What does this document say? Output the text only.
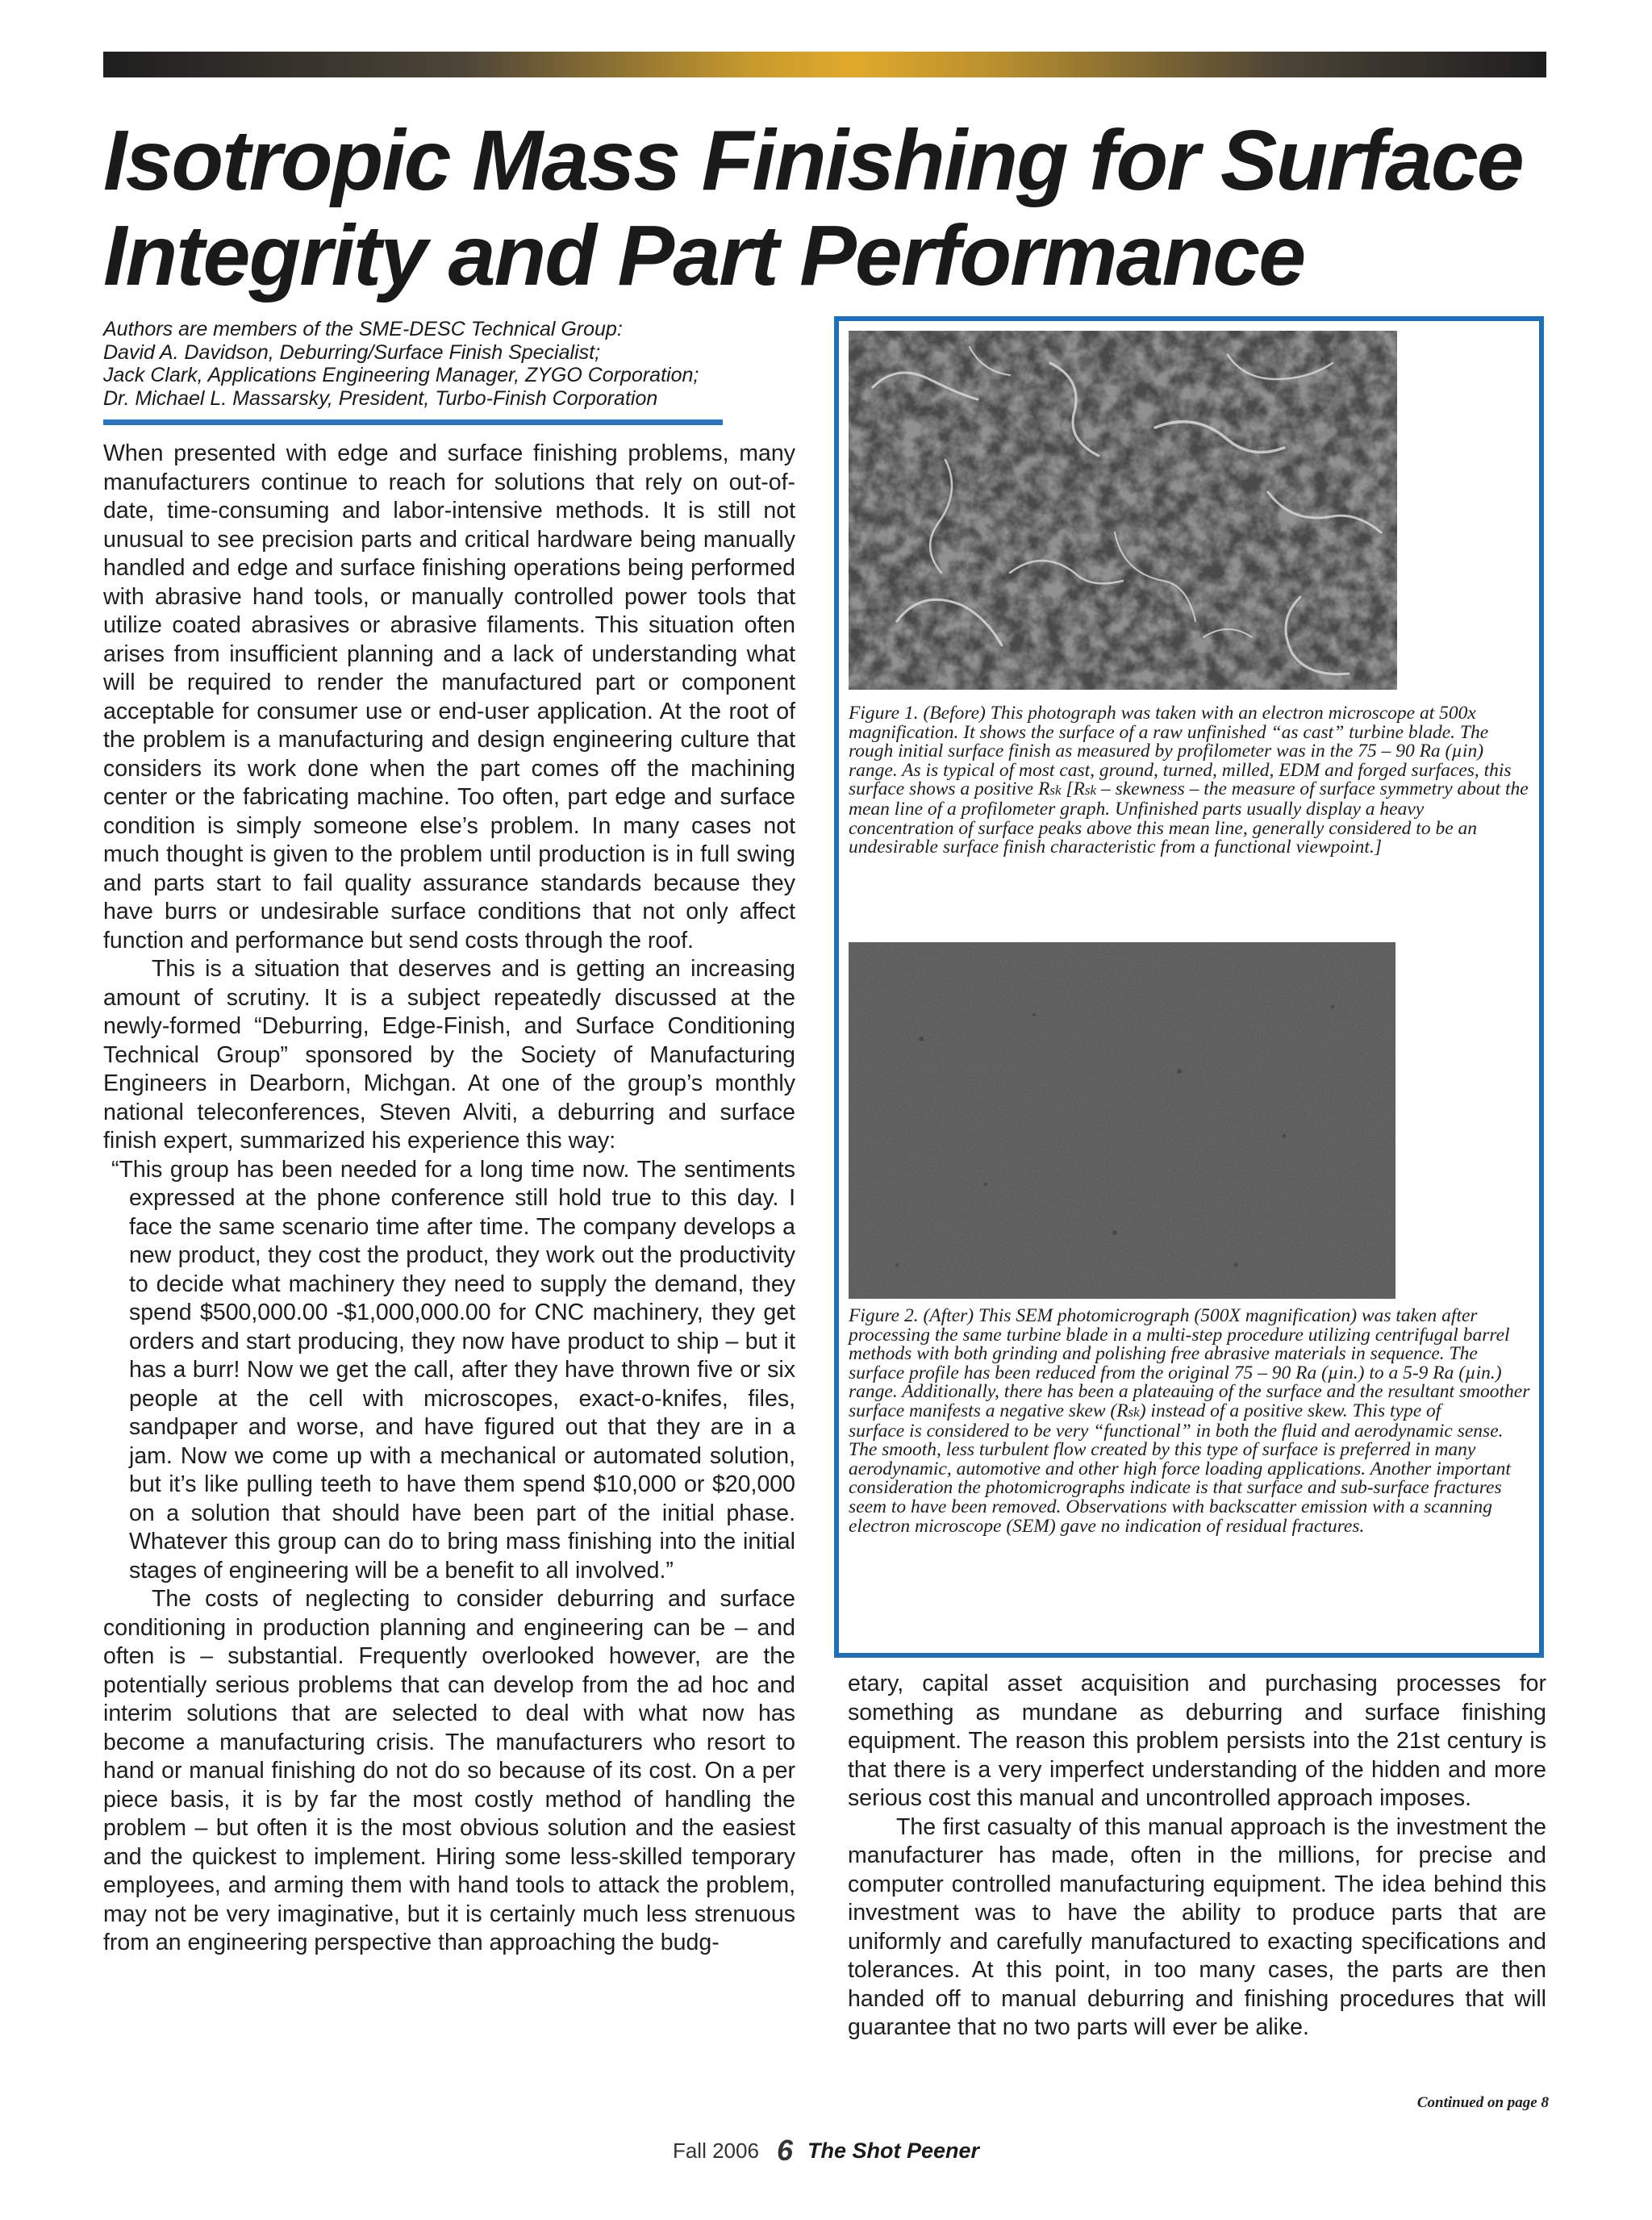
Isotropic Mass Finishing for Surface
Integrity and Part Performance
Authors are members of the SME-DESC Technical Group:
David A. Davidson, Deburring/Surface Finish Specialist;
Jack Clark, Applications Engineering Manager, ZYGO Corporation;
Dr. Michael L. Massarsky, President, Turbo-Finish Corporation

When presented with edge and surface finishing problems, many manufacturers continue to reach for solutions that rely on out-of-date, time-consuming and labor-intensive methods. It is still not unusual to see precision parts and critical hardware being manually handled and edge and surface finishing operations being performed with abrasive hand tools, or manually controlled power tools that utilize coated abrasives or abrasive filaments. This situation often arises from insufficient planning and a lack of understanding what will be required to render the manufactured part or component acceptable for consumer use or end-user application. At the root of the problem is a manufacturing and design engineering culture that considers its work done when the part comes off the machining center or the fabricating machine. Too often, part edge and surface condition is simply someone else’s problem. In many cases not much thought is given to the problem until production is in full swing and parts start to fail quality assurance standards because they have burrs or undesirable surface conditions that not only affect function and performance but send costs through the roof.

This is a situation that deserves and is getting an increasing amount of scrutiny. It is a subject repeatedly discussed at the newly-formed “Deburring, Edge-Finish, and Surface Conditioning Technical Group” sponsored by the Society of Manufacturing Engineers in Dearborn, Michgan. At one of the group’s monthly national teleconferences, Steven Alviti, a deburring and surface finish expert, summarized his experience this way:

“This group has been needed for a long time now. The sentiments expressed at the phone conference still hold true to this day. I face the same scenario time after time. The company develops a new product, they cost the product, they work out the productivity to decide what machinery they need to supply the demand, they spend $500,000.00 -$1,000,000.00 for CNC machinery, they get orders and start producing, they now have product to ship – but it has a burr! Now we get the call, after they have thrown five or six people at the cell with microscopes, exact-o-knifes, files, sandpaper and worse, and have figured out that they are in a jam. Now we come up with a mechanical or automated solution, but it’s like pulling teeth to have them spend $10,000 or $20,000 on a solution that should have been part of the initial phase. Whatever this group can do to bring mass finishing into the initial stages of engineering will be a benefit to all involved.”

The costs of neglecting to consider deburring and surface conditioning in production planning and engineering can be – and often is – substantial. Frequently overlooked however, are the potentially serious problems that can develop from the ad hoc and interim solutions that are selected to deal with what now has become a manufacturing crisis. The manufacturers who resort to hand or manual finishing do not do so because of its cost. On a per piece basis, it is by far the most costly method of handling the problem – but often it is the most obvious solution and the easiest and the quickest to implement. Hiring some less-skilled temporary employees, and arming them with hand tools to attack the problem, may not be very imaginative, but it is certainly much less strenuous from an engineering perspective than approaching the budg-

Figure 1. (Before) This photograph was taken with an electron microscope at 500x magnification. It shows the surface of a raw unfinished “as cast” turbine blade. The rough initial surface finish as measured by profilometer was in the 75 – 90 Ra (µin) range. As is typical of most cast, ground, turned, milled, EDM and forged surfaces, this surface shows a positive Rsk [Rsk – skewness – the measure of surface symmetry about the mean line of a profilometer graph. Unfinished parts usually display a heavy concentration of surface peaks above this mean line, generally considered to be an undesirable surface finish characteristic from a functional viewpoint.]

Figure 2. (After) This SEM photomicrograph (500X magnification) was taken after processing the same turbine blade in a multi-step procedure utilizing centrifugal barrel methods with both grinding and polishing free abrasive materials in sequence. The surface profile has been reduced from the original 75 – 90 Ra (µin.) to a 5-9 Ra (µin.) range. Additionally, there has been a plateauing of the surface and the resultant smoother surface manifests a negative skew (Rsk) instead of a positive skew. This type of
surface is considered to be very “functional” in both the fluid and aerodynamic sense. The smooth, less turbulent flow created by this type of surface is preferred in many aerodynamic, automotive and other high force loading applications. Another important consideration the photomicrographs indicate is that surface and sub-surface fractures seem to have been removed. Observations with backscatter emission with a scanning electron microscope (SEM) gave no indication of residual fractures.

etary, capital asset acquisition and purchasing processes for something as mundane as deburring and surface finishing equipment. The reason this problem persists into the 21st century is that there is a very imperfect understanding of the hidden and more serious cost this manual and uncontrolled approach imposes.

The first casualty of this manual approach is the investment the manufacturer has made, often in the millions, for precise and computer controlled manufacturing equipment. The idea behind this investment was to have the ability to produce parts that are uniformly and carefully manufactured to exacting specifications and tolerances. At this point, in too many cases, the parts are then handed off to manual deburring and finishing procedures that will guarantee that no two parts will ever be alike.

Continued on page 8
Fall 2006 6 The Shot Peener
